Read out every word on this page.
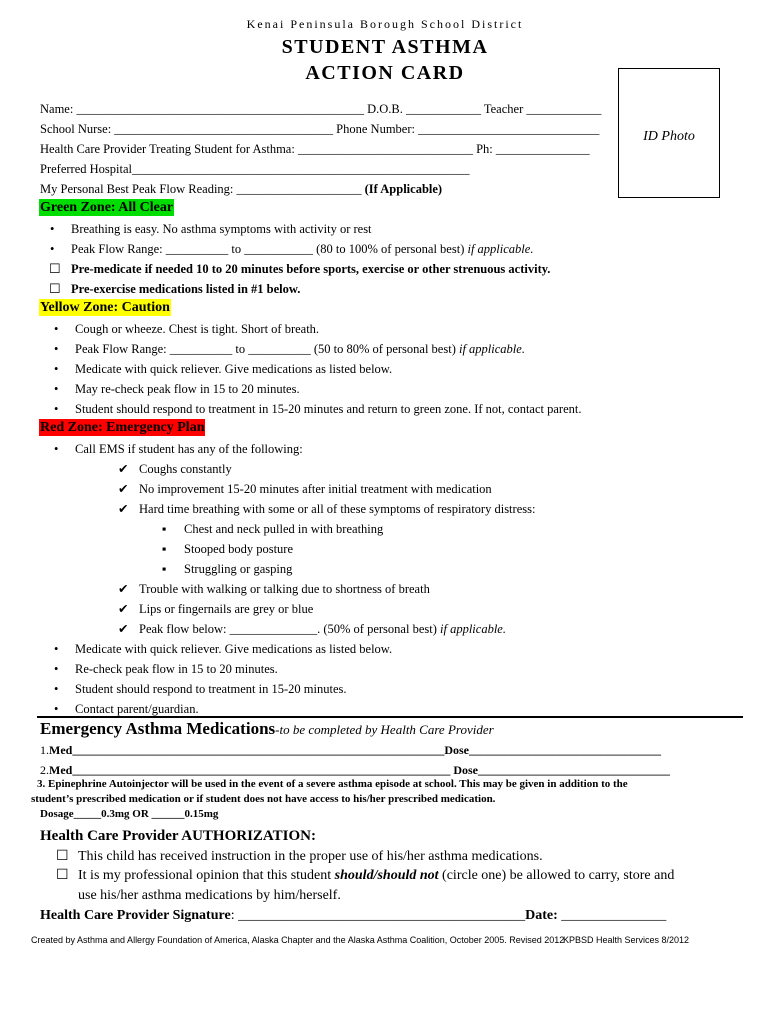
Kenai Peninsula Borough School District
STUDENT ASTHMA
ACTION CARD
ID Photo
Name: ______________________________________________ D.O.B. ____________ Teacher ____________
School Nurse: ___________________________________ Phone Number: _____________________________
Health Care Provider Treating Student for Asthma: ____________________________ Ph: _______________
Preferred Hospital______________________________________________________
My Personal Best Peak Flow Reading: ____________________ (If Applicable)
Green Zone: All Clear
• Breathing is easy. No asthma symptoms with activity or rest
• Peak Flow Range: __________ to ___________ (80 to 100% of personal best) if applicable.
☐ Pre-medicate if needed 10 to 20 minutes before sports, exercise or other strenuous activity.
☐ Pre-exercise medications listed in #1 below.
Yellow Zone: Caution
• Cough or wheeze. Chest is tight. Short of breath.
• Peak Flow Range: __________ to __________ (50 to 80% of personal best) if applicable.
• Medicate with quick reliever. Give medications as listed below.
• May re-check peak flow in 15 to 20 minutes.
• Student should respond to treatment in 15-20 minutes and return to green zone. If not, contact parent.
Red Zone: Emergency Plan
• Call EMS if student has any of the following:
✔ Coughs constantly
✔ No improvement 15-20 minutes after initial treatment with medication
✔ Hard time breathing with some or all of these symptoms of respiratory distress:
▪ Chest and neck pulled in with breathing
▪ Stooped body posture
▪ Struggling or gasping
✔ Trouble with walking or talking due to shortness of breath
✔ Lips or fingernails are grey or blue
✔ Peak flow below: ______________. (50% of personal best) if applicable.
• Medicate with quick reliever. Give medications as listed below.
• Re-check peak flow in 15 to 20 minutes.
• Student should respond to treatment in 15-20 minutes.
• Contact parent/guardian.
Emergency Asthma Medications-to be completed by Health Care Provider
1.Med______________________________________________________________Dose________________________________
2.Med_______________________________________________________________ Dose________________________________
3. Epinephrine Autoinjector will be used in the event of a severe asthma episode at school. This may be given in addition to the
student’s prescribed medication or if student does not have access to his/her prescribed medication.
Dosage_____0.3mg OR ______0.15mg
Health Care Provider AUTHORIZATION:
☐ This child has received instruction in the proper use of his/her asthma medications.
☐ It is my professional opinion that this student should/should not (circle one) be allowed to carry, store and
use his/her asthma medications by him/herself.
Health Care Provider Signature: _________________________________________Date: _______________
Created by Asthma and Allergy Foundation of America, Alaska Chapter and the Alaska Asthma Coalition, October 2005. Revised 2012
KPBSD Health Services 8/2012
